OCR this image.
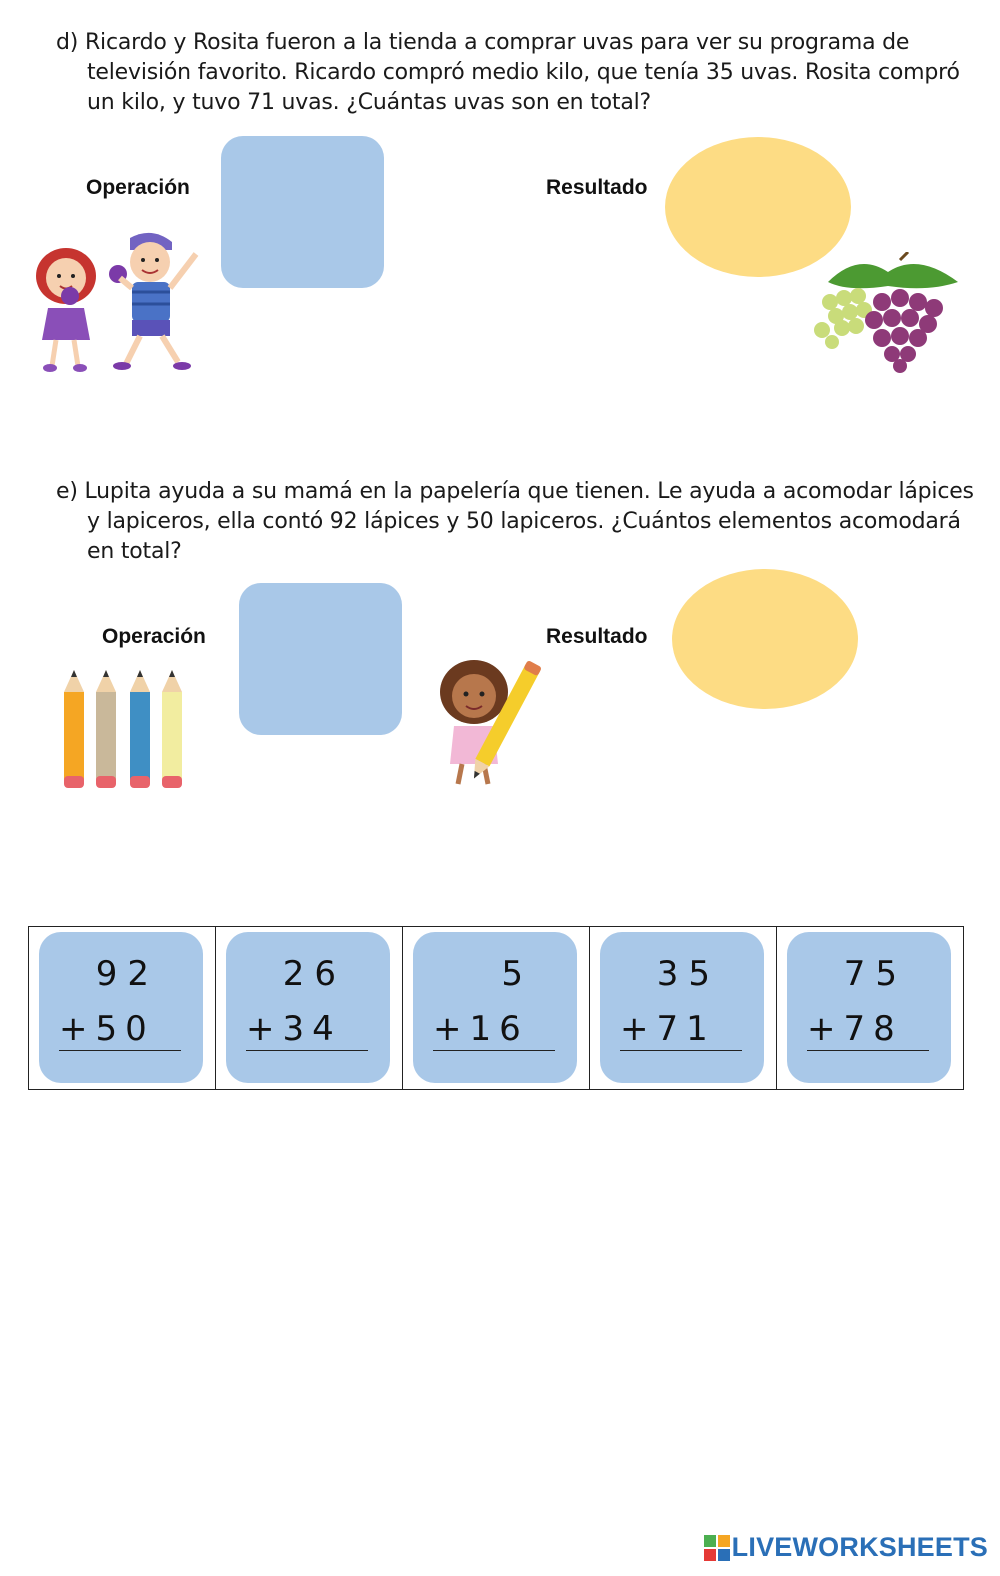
d) Ricardo y Rosita fueron a la tienda a comprar uvas para ver su programa de televisión favorito. Ricardo compró medio kilo, que tenía 35 uvas. Rosita compró un kilo, y tuvo 71 uvas. ¿Cuántas uvas son en total?
Operación	Resultado
e) Lupita ayuda a su mamá en la papelería que tienen. Le ayuda a acomodar lápices y lapiceros, ella contó 92 lápices y 50 lapiceros. ¿Cuántos elementos acomodará en total?
Operación	Resultado
92
+50
26
+34
5
+16
35
+71
75
+78
LIVEWORKSHEETS
